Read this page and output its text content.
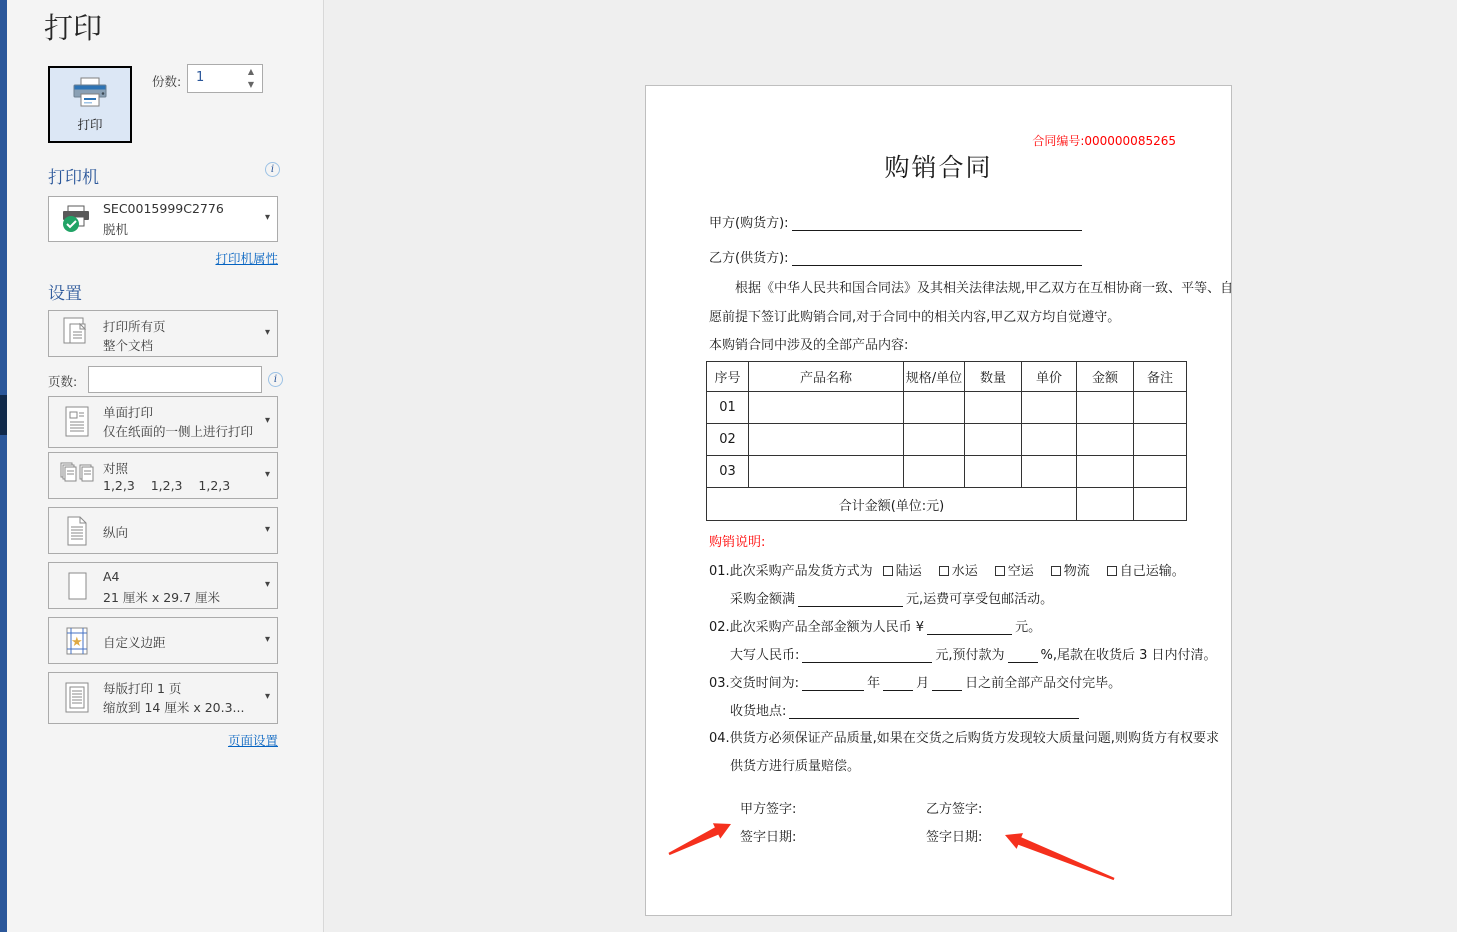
打印
打印
份数: 1	▲
▼
打印机	i
SEC0015999C2776
脱机
▾
打印机属性
设置
打印所有页
整个文档
▾
页数:	i
单面打印
仅在纸面的一侧上进行打印
▾
对照
1,2,3    1,2,3    1,2,3
▾
纵向	▾
A4
21 厘米 x 29.7 厘米
▾
★ 自定义边距	▾
每版打印 1 页
缩放到 14 厘米 x 20.3...
▾
页面设置
合同编号:000000085265
购销合同
甲方(购货方):
乙方(供货方):
根据《中华人民共和国合同法》及其相关法律法规,甲乙双方在互相协商一致、平等、自
愿前提下签订此购销合同,对于合同中的相关内容,甲乙双方均自觉遵守。
本购销合同中涉及的全部产品内容:
序号	产品名称	规格/单位	数量	单价	金额	备注
01						
02						
03						
合计金额(单位:元)						
购销说明:
01.此次采购产品发货方式为 陆运 水运 空运 物流 自己运输。
采购金额满	元,运费可享受包邮活动。
02.此次采购产品全部金额为人民币 ¥	元。
大写人民币:	元,预付款为	%,尾款在收货后 3 日内付清。
03.交货时间为:	年	月	日之前全部产品交付完毕。
收货地点:
04.供货方必须保证产品质量,如果在交货之后购货方发现较大质量问题,则购货方有权要求
供货方进行质量赔偿。
甲方签字:	乙方签字:
签字日期:	签字日期:
